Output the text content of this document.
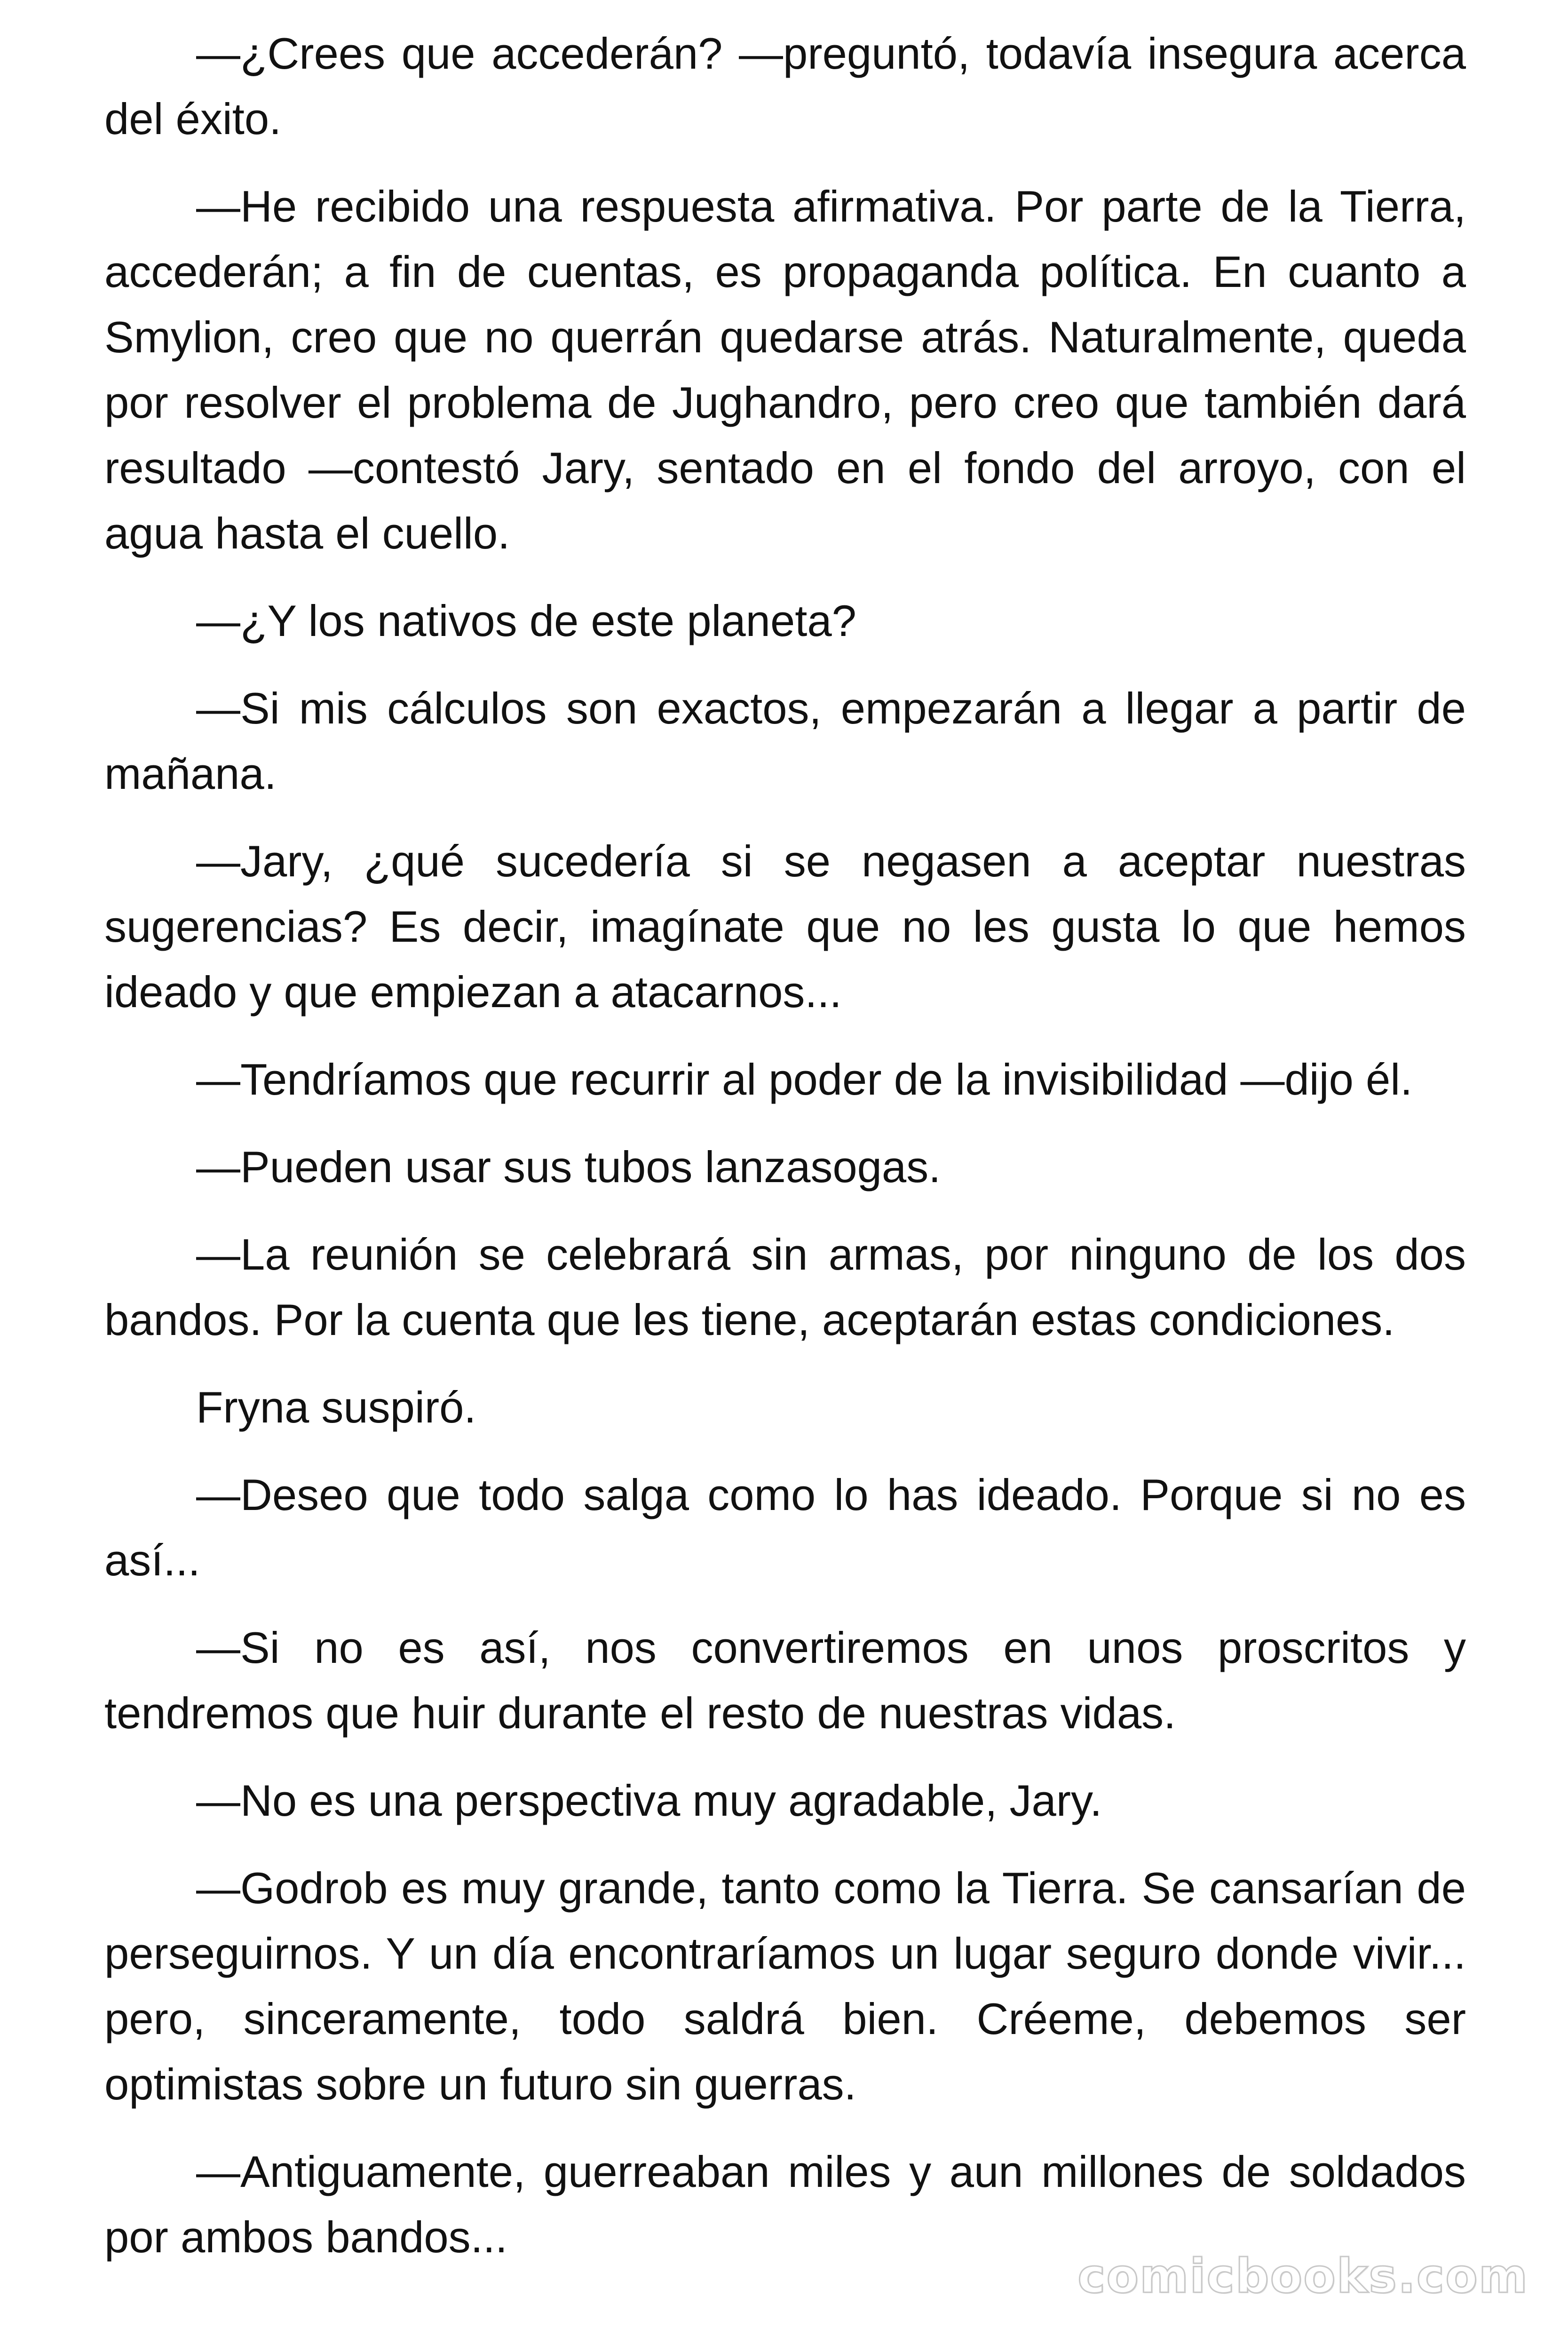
—¿Crees que accederán? —preguntó, todavía insegura acerca del éxito.

—He recibido una respuesta afirmativa. Por parte de la Tierra, accederán; a fin de cuentas, es propaganda política. En cuanto a Smylion, creo que no querrán quedarse atrás. Naturalmente, queda por resolver el problema de Jughandro, pero creo que también dará resultado —contestó Jary, sentado en el fondo del arroyo, con el agua hasta el cuello.

—¿Y los nativos de este planeta?

—Si mis cálculos son exactos, empezarán a llegar a partir de mañana.

—Jary, ¿qué sucedería si se negasen a aceptar nuestras sugerencias? Es decir, imagínate que no les gusta lo que hemos ideado y que empiezan a atacarnos...

—Tendríamos que recurrir al poder de la invisibilidad —dijo él.

—Pueden usar sus tubos lanzasogas.

—La reunión se celebrará sin armas, por ninguno de los dos bandos. Por la cuenta que les tiene, aceptarán estas condiciones.

Fryna suspiró.

—Deseo que todo salga como lo has ideado. Porque si no es así...

—Si no es así, nos convertiremos en unos proscritos y tendremos que huir durante el resto de nuestras vidas.

—No es una perspectiva muy agradable, Jary.

—Godrob es muy grande, tanto como la Tierra. Se cansarían de perseguirnos. Y un día encontraríamos un lugar seguro donde vivir... pero, sinceramente, todo saldrá bien. Créeme, debemos ser optimistas sobre un futuro sin guerras.

—Antiguamente, guerreaban miles y aun millones de soldados por ambos bandos...

comicbooks.com
